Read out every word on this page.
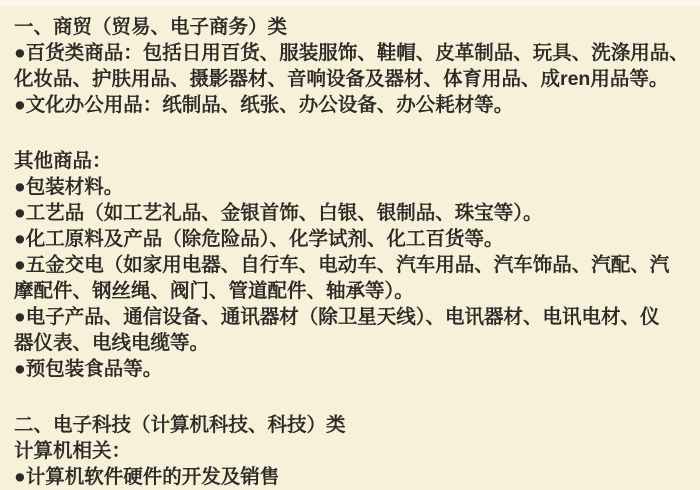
一、商贸（贸易、电子商务）类
●百货类商品：包括日用百货、服装服饰、鞋帽、皮革制品、玩具、洗涤用品、
化妆品、护肤用品、摄影器材、音响设备及器材、体育用品、成ren用品等。
●文化办公用品：纸制品、纸张、办公设备、办公耗材等。
其他商品：
●包装材料。
●工艺品（如工艺礼品、金银首饰、白银、银制品、珠宝等）。
●化工原料及产品（除危险品）、化学试剂、化工百货等。
●五金交电（如家用电器、自行车、电动车、汽车用品、汽车饰品、汽配、汽
摩配件、钢丝绳、阀门、管道配件、轴承等）。
●电子产品、通信设备、通讯器材（除卫星天线）、电讯器材、电讯电材、仪
器仪表、电线电缆等。
●预包装食品等。
二、电子科技（计算机科技、科技）类
计算机相关：
●计算机软件硬件的开发及销售
